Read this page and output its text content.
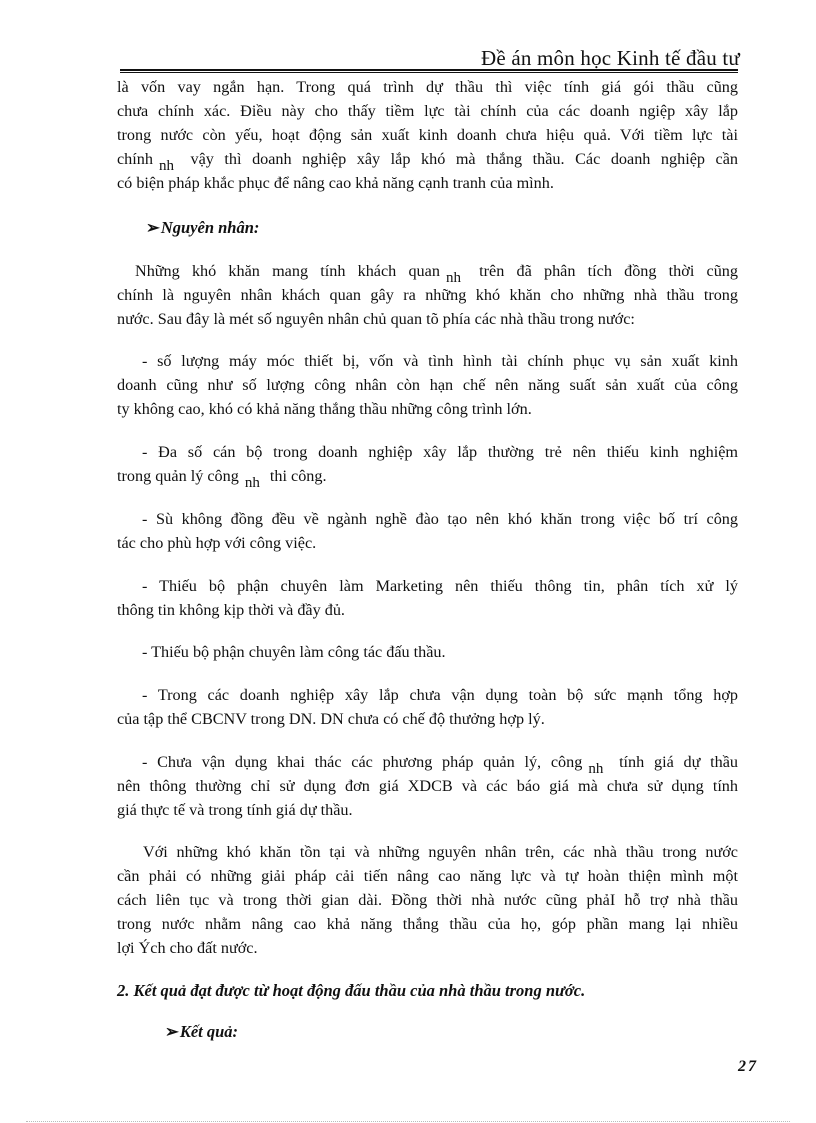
Đề án môn học Kinh tế đầu tư
là vốn vay ngắn hạn. Trong quá trình dự thầu thì việc tính giá gói thầu cũng
chưa chính xác. Điều này cho thấy tiềm lực tài chính của các doanh ngiệp xây lắp
trong nước còn yếu, hoạt động sản xuất kinh doanh chưa hiệu quả. Với tiềm lực tài
chính nh vậy thì doanh nghiệp xây lắp khó mà thắng thầu. Các doanh nghiệp cần
có biện pháp khắc phục để nâng cao khả năng cạnh tranh của mình.
➢Nguyên nhân:
Những khó khăn mang tính khách quan nh trên đã phân tích đồng thời cũng
chính là nguyên nhân khách quan gây ra những khó khăn cho những nhà thầu trong
nước. Sau đây là mét số nguyên nhân chủ quan tõ phía các nhà thầu trong nước:
- số lượng máy móc thiết bị, vốn và tình hình tài chính phục vụ sản xuất kinh
doanh cũng như số lượng công nhân còn hạn chế nên năng suất sản xuất của công
ty không cao, khó có khả năng thắng thầu những công trình lớn.
- Đa số cán bộ trong doanh nghiệp xây lắp thường trẻ nên thiếu kinh nghiệm
trong quản lý công nh thi công.
- Sù không đồng đều về ngành nghề đào tạo nên khó khăn trong việc bố trí công
tác cho phù hợp với công việc.
- Thiếu bộ phận chuyên làm Marketing nên thiếu thông tin, phân tích xử lý
thông tin không kịp thời và đầy đủ.
- Thiếu bộ phận chuyên làm công tác đấu thầu.
- Trong các doanh nghiệp xây lắp chưa vận dụng toàn bộ sức mạnh tổng hợp
của tập thể CBCNV trong DN. DN chưa có chế độ thưởng hợp lý.
- Chưa vận dụng khai thác các phương pháp quản lý, công nh tính giá dự thầu
nên thông thường chỉ sử dụng đơn giá XDCB và các báo giá mà chưa sử dụng tính
giá thực tế và trong tính giá dự thầu.
Với những khó khăn tồn tại và những nguyên nhân trên, các nhà thầu trong nước
cần phải có những giải pháp cải tiến nâng cao năng lực và tự hoàn thiện mình một
cách liên tục và trong thời gian dài. Đồng thời nhà nước cũng phảI hỗ trợ nhà thầu
trong nước nhằm nâng cao khả năng thắng thầu của họ, góp phần mang lại nhiều
lợi Ých cho đất nước.
2. Kết quả đạt được từ hoạt động đấu thầu của nhà thầu trong nước.
➢Kết quả:
27
